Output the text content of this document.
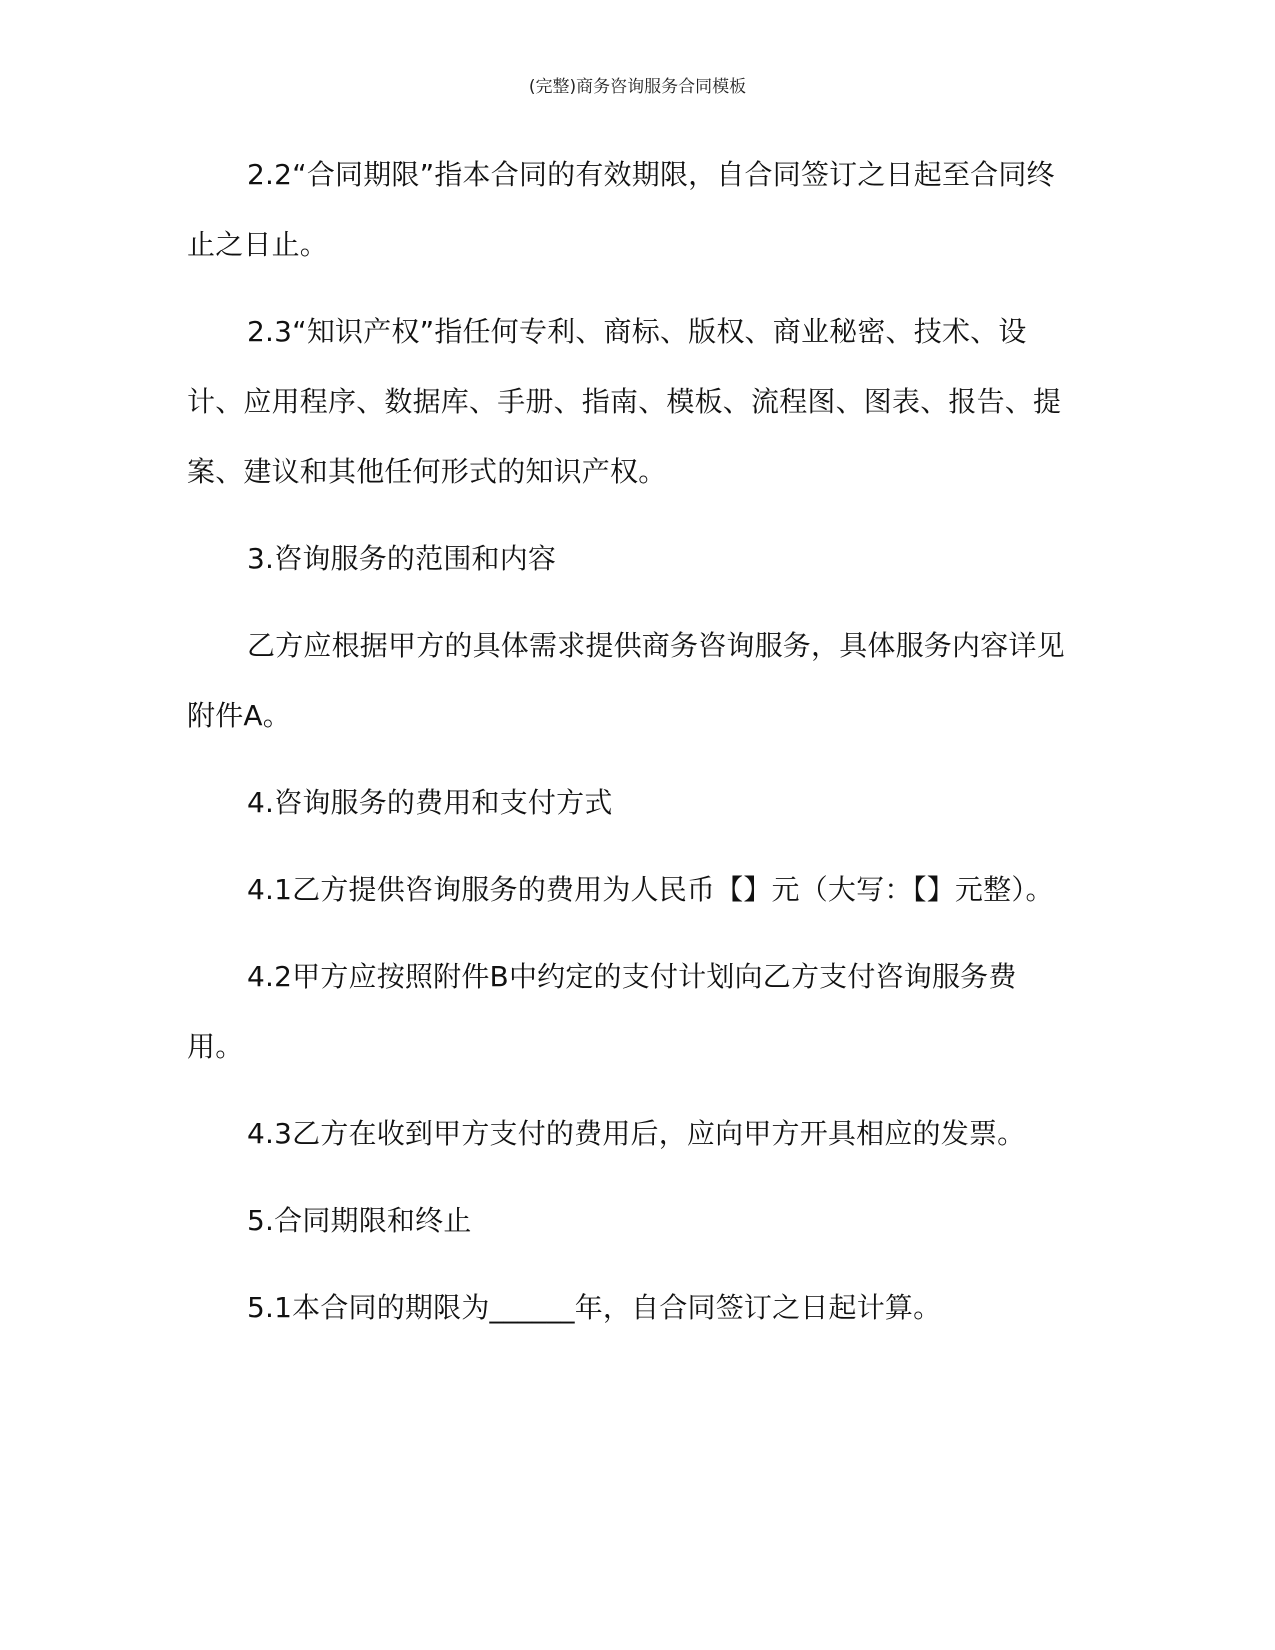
(完整)商务咨询服务合同模板

2.2“合同期限”指本合同的有效期限，自合同签订之日起至合同终止之日止。

2.3“知识产权”指任何专利、商标、版权、商业秘密、技术、设计、应用程序、数据库、手册、指南、模板、流程图、图表、报告、提案、建议和其他任何形式的知识产权。

3.咨询服务的范围和内容

乙方应根据甲方的具体需求提供商务咨询服务，具体服务内容详见附件A。

4.咨询服务的费用和支付方式

4.1乙方提供咨询服务的费用为人民币【】元（大写：【】元整）。

4.2甲方应按照附件B中约定的支付计划向乙方支付咨询服务费用。

4.3乙方在收到甲方支付的费用后，应向甲方开具相应的发票。

5.合同期限和终止

5.1本合同的期限为______年，自合同签订之日起计算。
